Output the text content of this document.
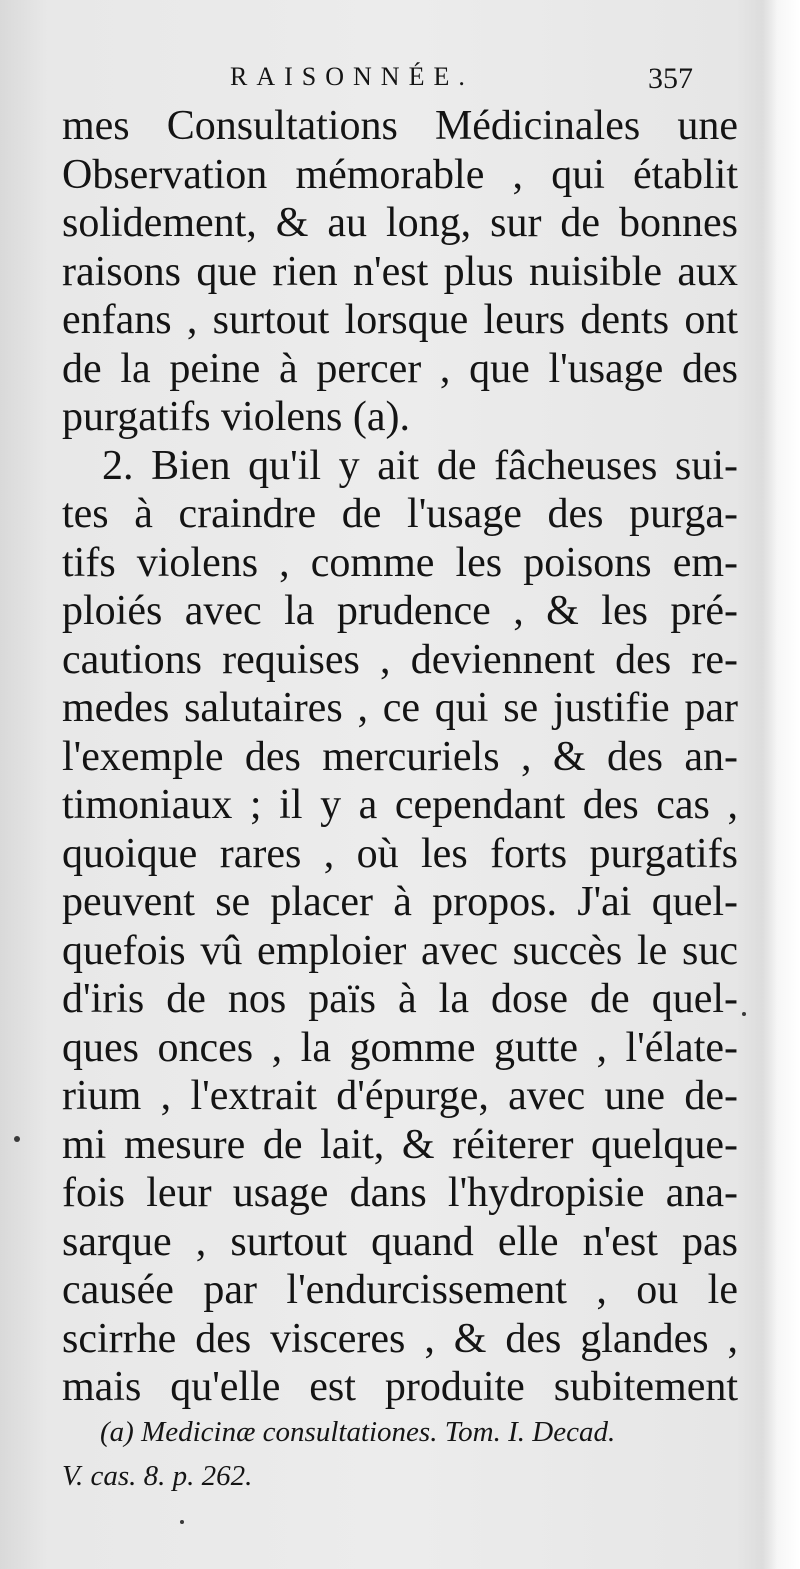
RAISONNÉE.	357
mes Consultations Médicinales une
Observation mémorable , qui établit
solidement, & au long, sur de bonnes
raisons que rien n'est plus nuisible aux
enfans , surtout lorsque leurs dents ont
de la peine à percer , que l'usage des
purgatifs violens (a).
2. Bien qu'il y ait de fâcheuses sui-
tes à craindre de l'usage des purga-
tifs violens , comme les poisons em-
ploiés avec la prudence , & les pré-
cautions requises , deviennent des re-
medes salutaires , ce qui se justifie par
l'exemple des mercuriels , & des an-
timoniaux ; il y a cependant des cas ,
quoique rares , où les forts purgatifs
peuvent se placer à propos. J'ai quel-
quefois vû emploier avec succès le suc
d'iris de nos païs à la dose de quel-
ques onces , la gomme gutte , l'élate-
rium , l'extrait d'épurge, avec une de-
mi mesure de lait, & réiterer quelque-
fois leur usage dans l'hydropisie ana-
sarque , surtout quand elle n'est pas
causée par l'endurcissement , ou le
scirrhe des visceres , & des glandes ,
mais qu'elle est produite subitement
(a) Medicinæ consultationes. Tom. I. Decad.
V. cas. 8. p. 262.
